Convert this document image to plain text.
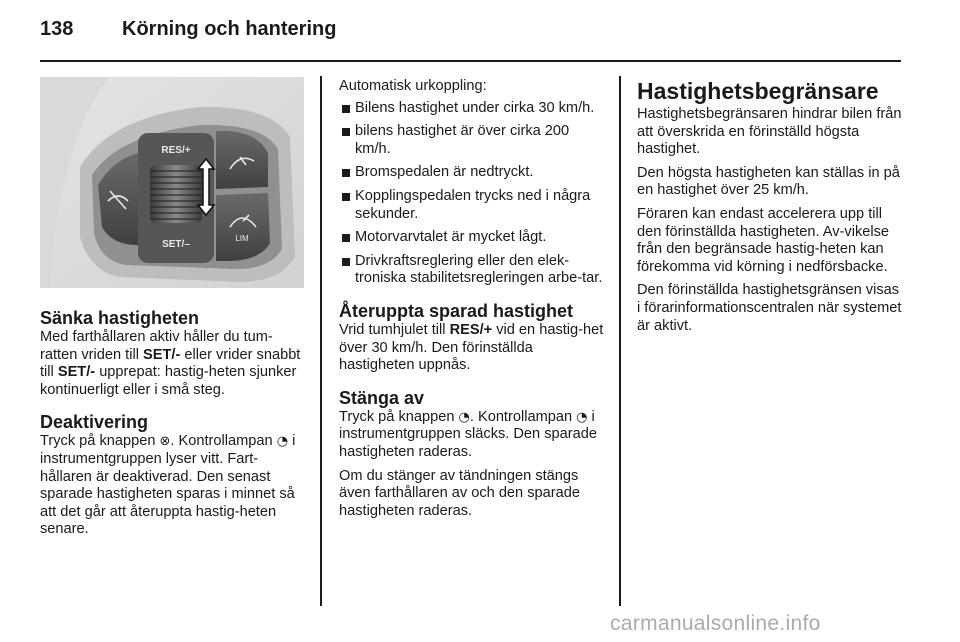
138 Körning och hantering
RES/+
SET/–
LIM
Sänka hastigheten

Med farthållaren aktiv håller du tum-ratten vriden till SET/- eller vrider snabbt till SET/- upprepat: hastig-heten sjunker kontinuerligt eller i små steg.

Deaktivering

Tryck på knappen ⊗. Kontrollampan ◔ i instrumentgruppen lyser vitt. Fart-hållaren är deaktiverad. Den senast sparade hastigheten sparas i minnet så att det går att återuppta hastig-heten senare.

Automatisk urkoppling:

Bilens hastighet under cirka 30 km/h.
bilens hastighet är över cirka 200 km/h.
Bromspedalen är nedtryckt.
Kopplingspedalen trycks ned i några sekunder.
Motorvarvtalet är mycket lågt.
Drivkraftsreglering eller den elek-troniska stabilitetsregleringen arbe-tar.
Återuppta sparad hastighet

Vrid tumhjulet till RES/+ vid en hastig-het över 30 km/h. Den förinställda hastigheten uppnås.

Stänga av

Tryck på knappen ◔. Kontrollampan ◔ i instrumentgruppen släcks. Den sparade hastigheten raderas.

Om du stänger av tändningen stängs även farthållaren av och den sparade hastigheten raderas.

Hastighetsbegränsare

Hastighetsbegränsaren hindrar bilen från att överskrida en förinställd högsta hastighet.

Den högsta hastigheten kan ställas in på en hastighet över 25 km/h.

Föraren kan endast accelerera upp till den förinställda hastigheten. Av-vikelse från den begränsade hastig-heten kan förekomma vid körning i nedförsbacke.

Den förinställda hastighetsgränsen visas i förarinformationscentralen när systemet är aktivt.

carmanualsonline.info
